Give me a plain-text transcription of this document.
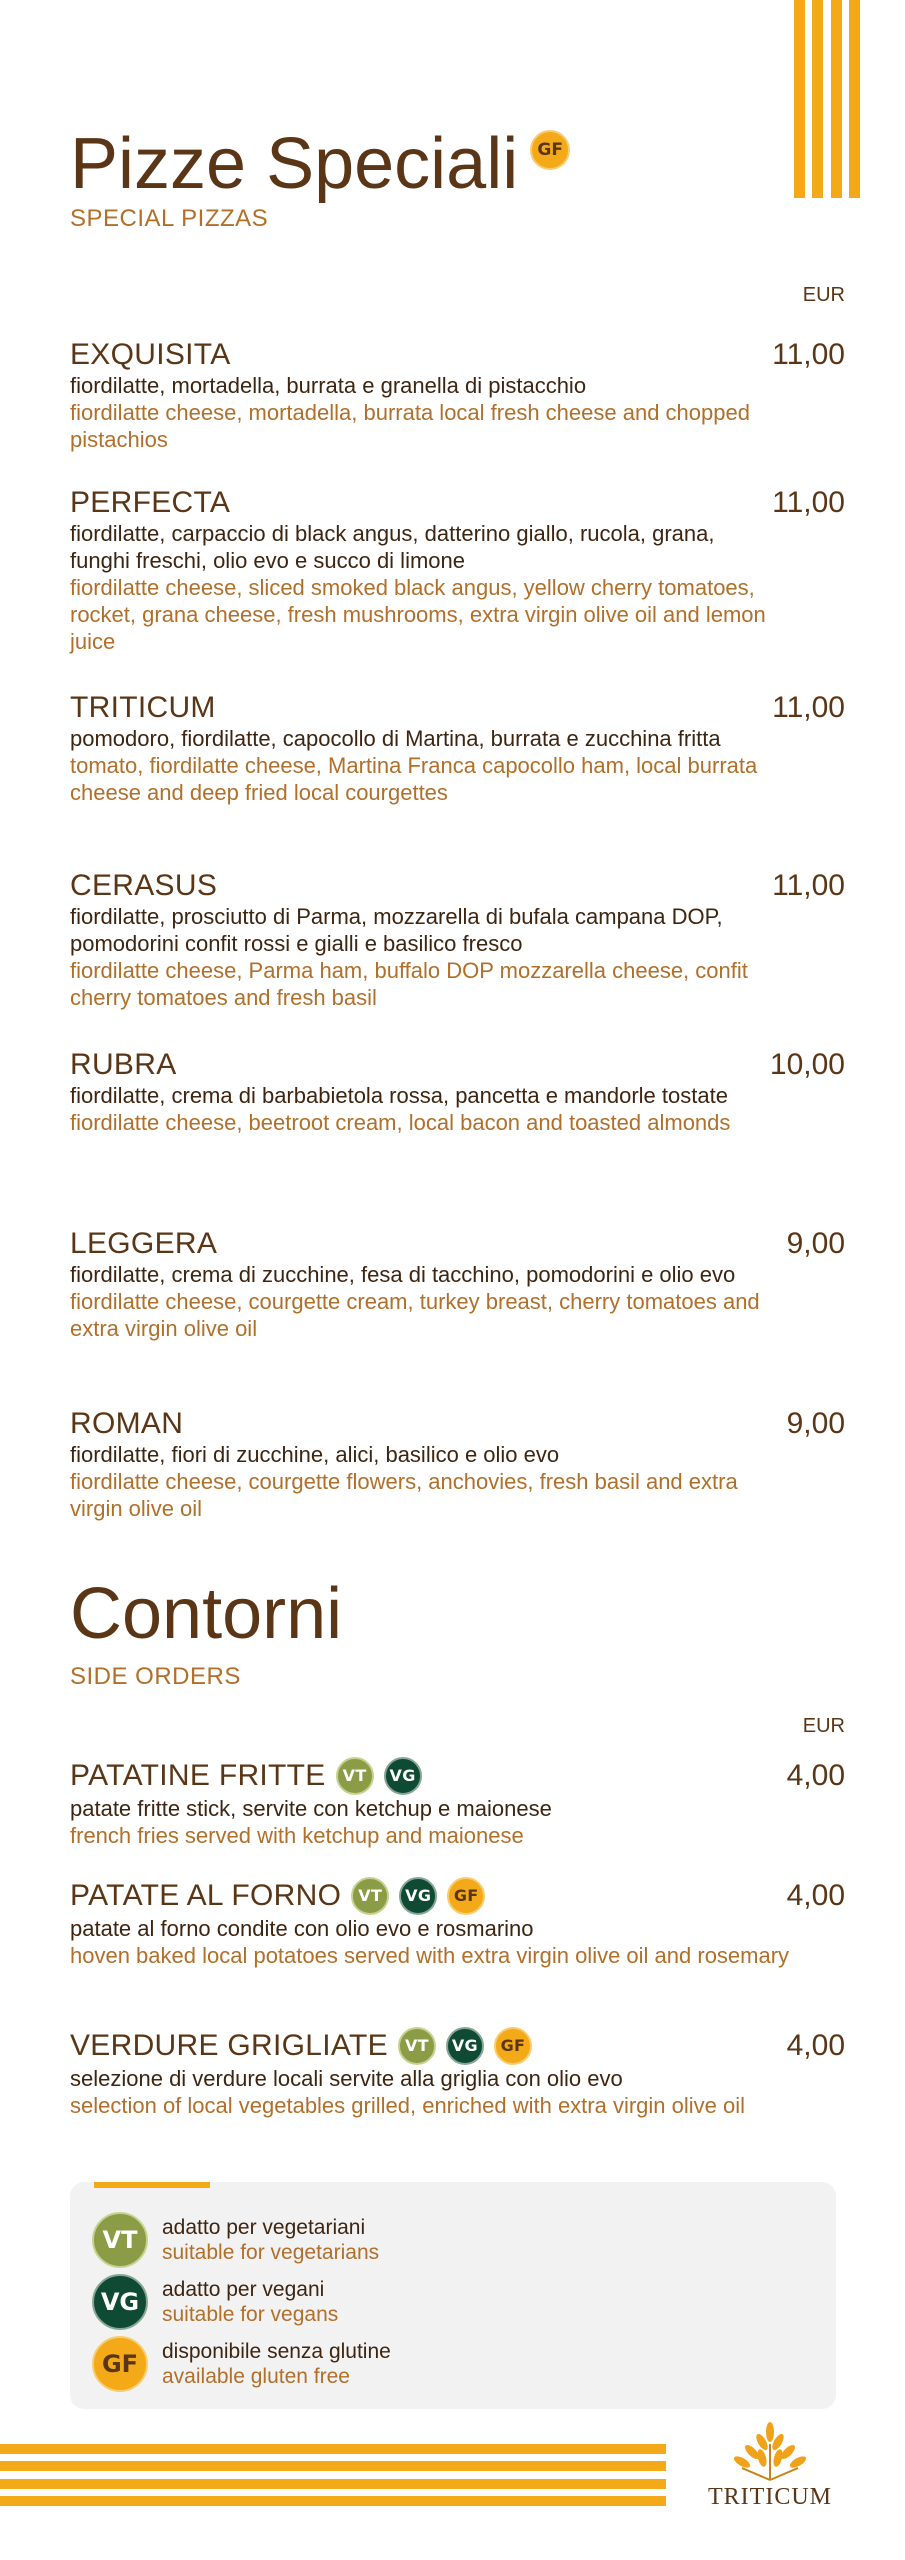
Pizze Speciali GF

SPECIAL PIZZAS

EUR
EXQUISITA	11,00
fiordilatte, mortadella, burrata e granella di pistacchio
fiordilatte cheese, mortadella, burrata local fresh cheese and chopped pistachios
PERFECTA	11,00
fiordilatte, carpaccio di black angus, datterino giallo, rucola, grana, funghi freschi, olio evo e succo di limone
fiordilatte cheese, sliced smoked black angus, yellow cherry tomatoes, rocket, grana cheese, fresh mushrooms, extra virgin olive oil and lemon juice
TRITICUM	11,00
pomodoro, fiordilatte, capocollo di Martina, burrata e zucchina fritta
tomato, fiordilatte cheese, Martina Franca capocollo ham, local burrata cheese and deep fried local courgettes
CERASUS	11,00
fiordilatte, prosciutto di Parma, mozzarella di bufala campana DOP, pomodorini confit rossi e gialli e basilico fresco
fiordilatte cheese, Parma ham, buffalo DOP mozzarella cheese, confit cherry tomatoes and fresh basil
RUBRA	10,00
fiordilatte, crema di barbabietola rossa, pancetta e mandorle tostate
fiordilatte cheese, beetroot cream, local bacon and toasted almonds
LEGGERA	9,00
fiordilatte, crema di zucchine, fesa di tacchino, pomodorini e olio evo
fiordilatte cheese, courgette cream, turkey breast, cherry tomatoes and extra virgin olive oil
ROMAN	9,00
fiordilatte, fiori di zucchine, alici, basilico e olio evo
fiordilatte cheese, courgette flowers, anchovies, fresh basil and extra virgin olive oil
Contorni

SIDE ORDERS

EUR
PATATINE FRITTE	VT	VG	4,00
patate fritte stick, servite con ketchup e maionese
french fries served with ketchup and maionese
PATATE AL FORNO	VT	VG	GF	4,00
patate al forno condite con olio evo e rosmarino
hoven baked local potatoes served with extra virgin olive oil and rosemary
VERDURE GRIGLIATE	VT	VG	GF	4,00
selezione di verdure locali servite alla griglia con olio evo
selection of local vegetables grilled, enriched with extra virgin olive oil
VT	adatto per vegetariani
suitable for vegetarians
VG	adatto per vegani
suitable for vegans
GF	disponibile senza glutine
available gluten free
TRITICUM
